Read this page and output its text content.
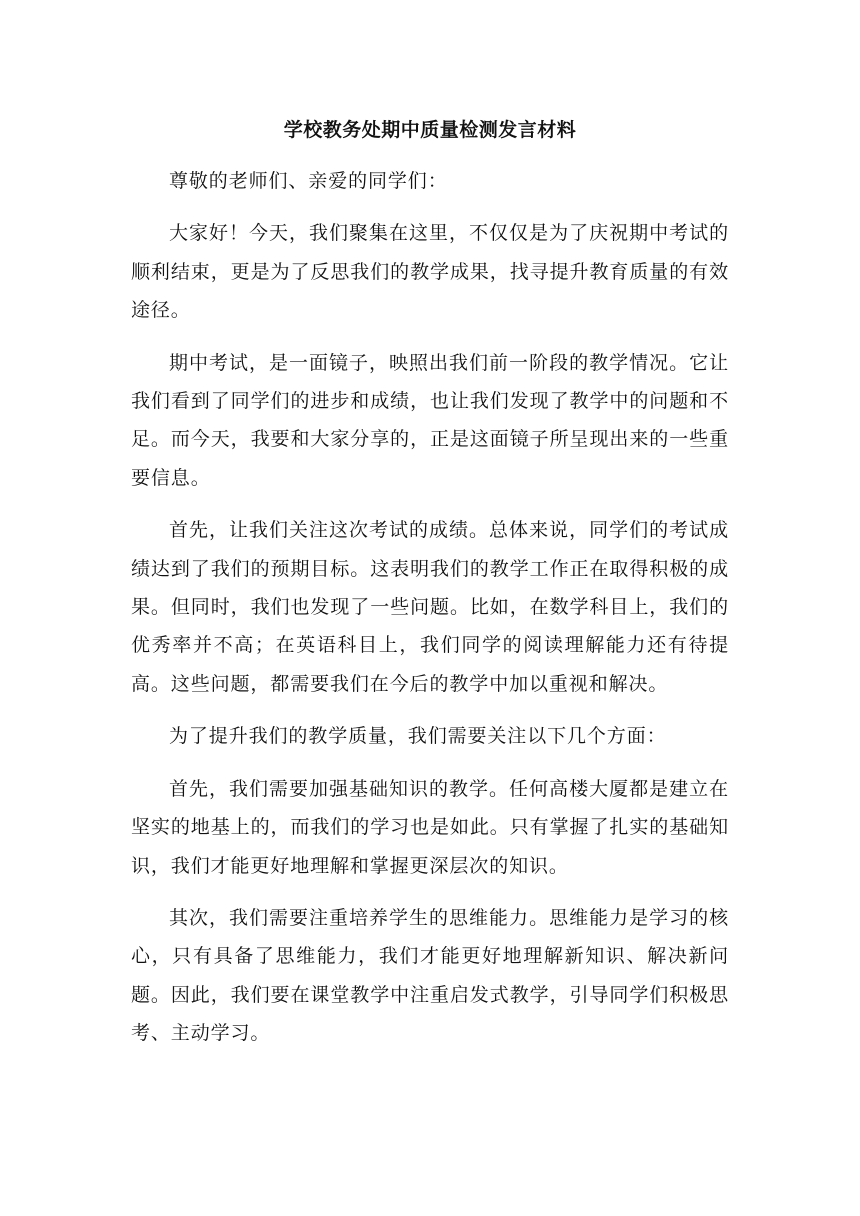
学校教务处期中质量检测发言材料

尊敬的老师们、亲爱的同学们：

大家好！今天，我们聚集在这里，不仅仅是为了庆祝期中考试的顺利结束，更是为了反思我们的教学成果，找寻提升教育质量的有效途径。

期中考试，是一面镜子，映照出我们前一阶段的教学情况。它让我们看到了同学们的进步和成绩，也让我们发现了教学中的问题和不足。而今天，我要和大家分享的，正是这面镜子所呈现出来的一些重要信息。

首先，让我们关注这次考试的成绩。总体来说，同学们的考试成绩达到了我们的预期目标。这表明我们的教学工作正在取得积极的成果。但同时，我们也发现了一些问题。比如，在数学科目上，我们的优秀率并不高；在英语科目上，我们同学的阅读理解能力还有待提高。这些问题，都需要我们在今后的教学中加以重视和解决。

为了提升我们的教学质量，我们需要关注以下几个方面：

首先，我们需要加强基础知识的教学。任何高楼大厦都是建立在坚实的地基上的，而我们的学习也是如此。只有掌握了扎实的基础知识，我们才能更好地理解和掌握更深层次的知识。

其次，我们需要注重培养学生的思维能力。思维能力是学习的核心，只有具备了思维能力，我们才能更好地理解新知识、解决新问题。因此，我们要在课堂教学中注重启发式教学，引导同学们积极思考、主动学习。
